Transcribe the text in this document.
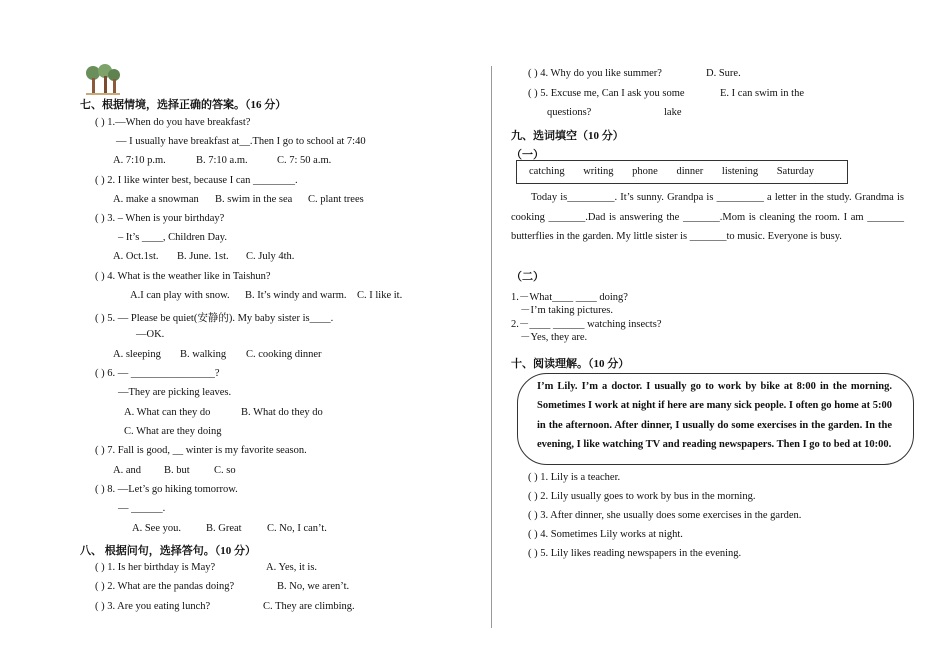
七、根据情境，选择正确的答案。（16 分）
( ) 1.—When do you have breakfast?
— I usually have breakfast at__.Then I go to school at 7:40
A. 7:10 p.m.	B. 7:10 a.m.	C. 7: 50 a.m.
( ) 2. I like winter best, because I can ________.
A. make a snowman B. swim in the sea C. plant trees
( ) 3. – When is your birthday?
– It’s ____, Children Day.
A. Oct.1st. B. June. 1st. C. July 4th.
( ) 4. What is the weather like in Taishun?
A.I can play with snow. B. It’s windy and warm. C. I like it.
( ) 5. — Please be quiet(安静的). My baby sister is____.
—OK.
A. sleeping B. walking C. cooking dinner
( ) 6. — ________________?
—They are picking leaves.
A. What can they do	B. What do they do
C. What are they doing
( ) 7. Fall is good, __ winter is my favorite season.
A. and B. but C. so
( ) 8. —Let’s go hiking tomorrow.
— ______.
A. See you. B. Great C. No, I can’t.
八、 根据问句，选择答句。（10 分）
( ) 1. Is her birthday is May?	A. Yes, it is.
( ) 2. What are the pandas doing?	B. No, we aren’t.
( ) 3. Are you eating lunch?	C. They are climbing.
( ) 4. Why do you like summer?	D. Sure.
( ) 5. Excuse me, Can I ask you some	E. I can swim in the
questions?	lake
九、选词填空（10 分）
（一）
catching writing phone dinner listening Saturday
Today is_________. It’s sunny. Grandpa is _________ a letter in the study. Grandma is cooking _______.Dad is answering the _______.Mom is cleaning the room. I am _______ butterflies in the garden. My little sister is _______to music. Everyone is busy.
（二）
1.－What____ ____ doing?
－I’m taking pictures.
2.－____ ______ watching insects?
－Yes, they are.
十、阅读理解。（10 分）
I’m Lily. I’m a doctor. I usually go to work by bike at 8:00 in the morning. Sometimes I work at night if here are many sick people. I often go home at 5:00 in the afternoon. After dinner, I usually do some exercises in the garden. In the evening, I like watching TV and reading newspapers. Then I go to bed at 10:00.
( ) 1. Lily is a teacher.
( ) 2. Lily usually goes to work by bus in the morning.
( ) 3. After dinner, she usually does some exercises in the garden.
( ) 4. Sometimes Lily works at night.
( ) 5. Lily likes reading newspapers in the evening.
